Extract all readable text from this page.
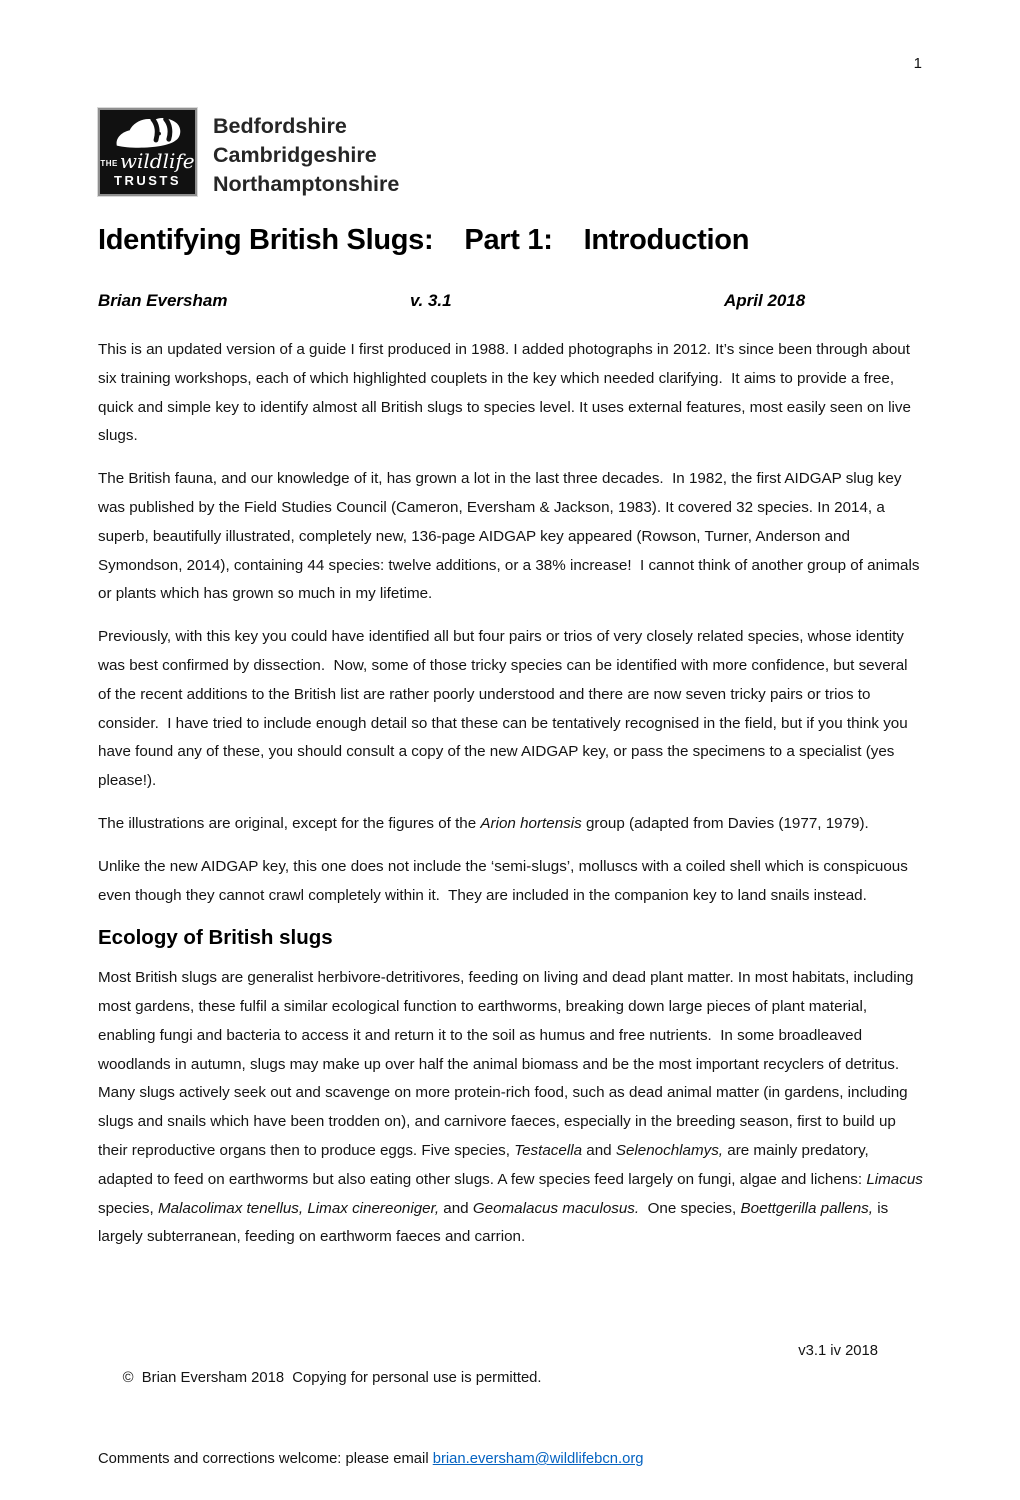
1
THE wildlife
TRUSTS
Bedfordshire
Cambridgeshire
Northamptonshire
Identifying British Slugs:    Part 1:    Introduction
Brian Eversham	v. 3.1	April 2018

This is an updated version of a guide I first produced in 1988. I added photographs in 2012. It’s since been through about six training workshops, each of which highlighted couplets in the key which needed clarifying.  It aims to provide a free, quick and simple key to identify almost all British slugs to species level. It uses external features, most easily seen on live slugs.

The British fauna, and our knowledge of it, has grown a lot in the last three decades.  In 1982, the first AIDGAP slug key was published by the Field Studies Council (Cameron, Eversham & Jackson, 1983). It covered 32 species. In 2014, a superb, beautifully illustrated, completely new, 136-page AIDGAP key appeared (Rowson, Turner, Anderson and Symondson, 2014), containing 44 species: twelve additions, or a 38% increase!  I cannot think of another group of animals or plants which has grown so much in my lifetime.

Previously, with this key you could have identified all but four pairs or trios of very closely related species, whose identity was best confirmed by dissection.  Now, some of those tricky species can be identified with more confidence, but several of the recent additions to the British list are rather poorly understood and there are now seven tricky pairs or trios to consider.  I have tried to include enough detail so that these can be tentatively recognised in the field, but if you think you have found any of these, you should consult a copy of the new AIDGAP key, or pass the specimens to a specialist (yes please!).

The illustrations are original, except for the figures of the Arion hortensis group (adapted from Davies (1977, 1979).

Unlike the new AIDGAP key, this one does not include the ‘semi-slugs’, molluscs with a coiled shell which is conspicuous even though they cannot crawl completely within it.  They are included in the companion key to land snails instead.

Ecology of British slugs

Most British slugs are generalist herbivore-detritivores, feeding on living and dead plant matter. In most habitats, including most gardens, these fulfil a similar ecological function to earthworms, breaking down large pieces of plant material, enabling fungi and bacteria to access it and return it to the soil as humus and free nutrients.  In some broadleaved woodlands in autumn, slugs may make up over half the animal biomass and be the most important recyclers of detritus. Many slugs actively seek out and scavenge on more protein-rich food, such as dead animal matter (in gardens, including slugs and snails which have been trodden on), and carnivore faeces, especially in the breeding season, first to build up their reproductive organs then to produce eggs. Five species, Testacella and Selenochlamys, are mainly predatory, adapted to feed on earthworms but also eating other slugs. A few species feed largely on fungi, algae and lichens: Limacus species, Malacolimax tenellus, Limax cinereoniger, and Geomalacus maculosus.  One species, Boettgerilla pallens, is largely subterranean, feeding on earthworm faeces and carrion.

©  Brian Eversham 2018  Copying for personal use is permitted.

v3.1 iv 2018

Comments and corrections welcome: please email brian.eversham@wildlifebcn.org
